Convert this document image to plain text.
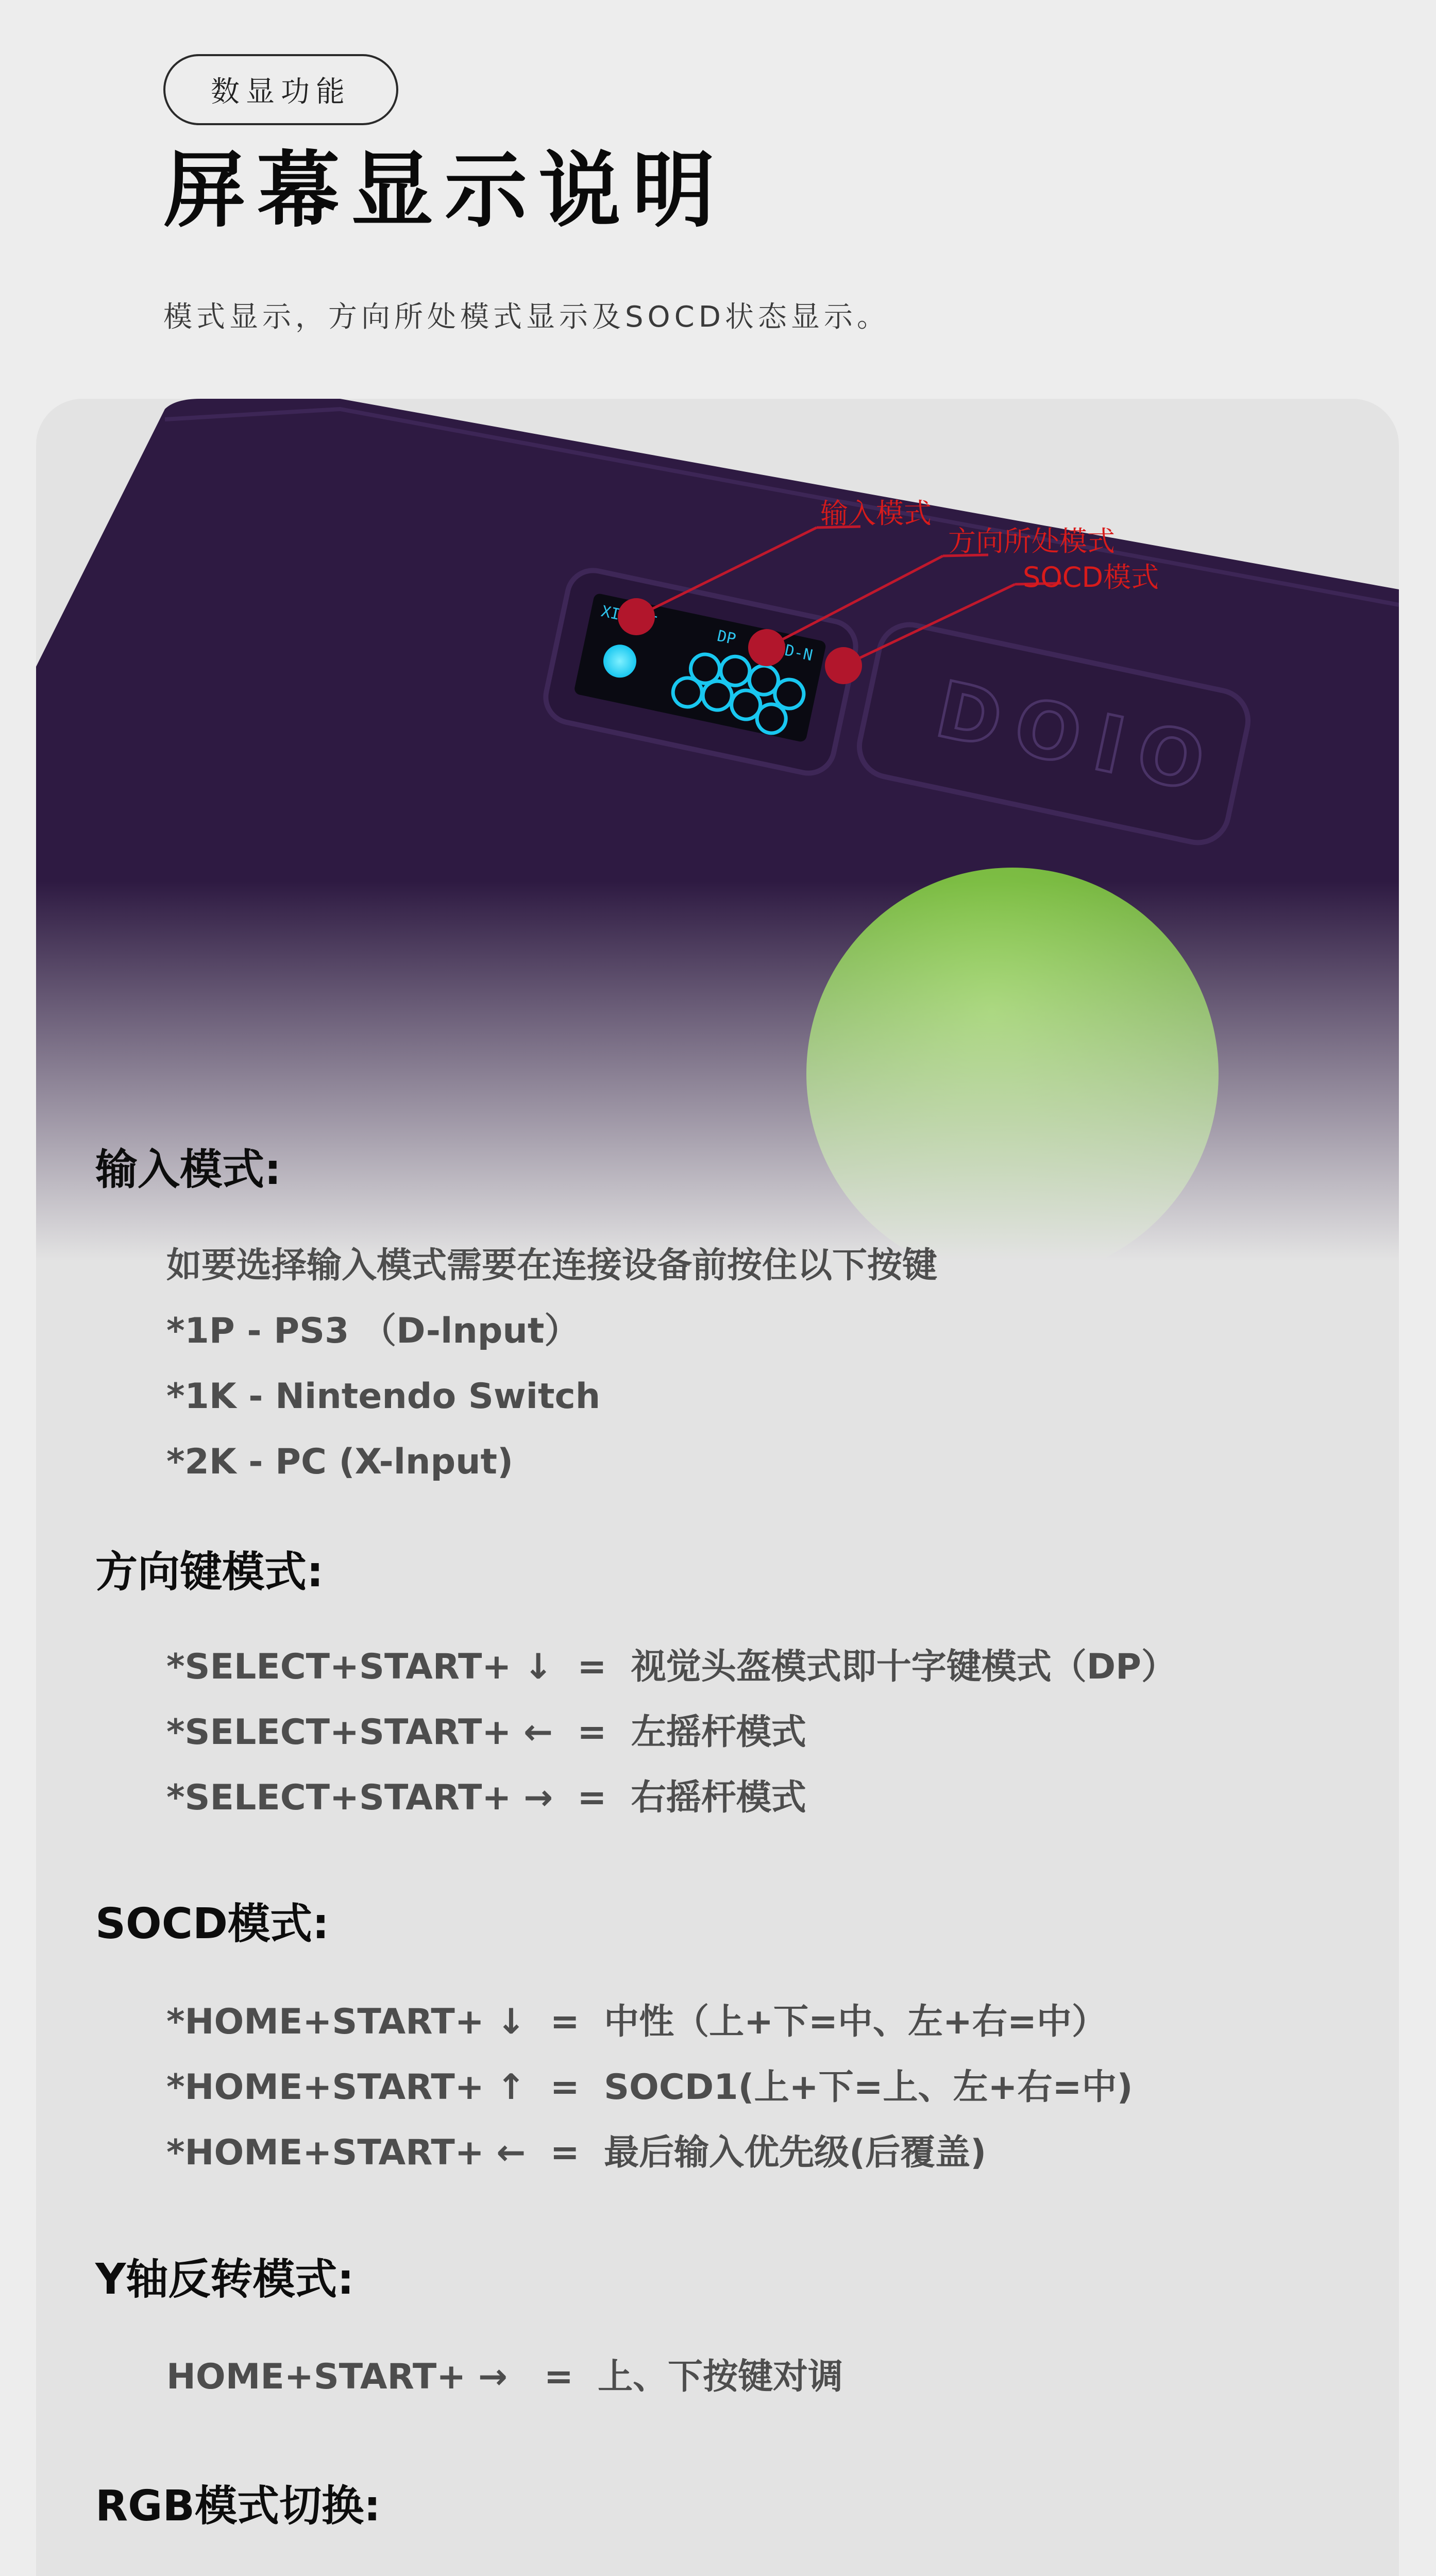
数显功能
屏幕显示说明
模式显示，方向所处模式显示及SOCD状态显示。
输入模式
方向所处模式
SOCD模式
输入模式:
如要选择输入模式需要在连接设备前按住以下按键
*1P - PS3 （D-lnput）
*1K - Nintendo Switch
*2K - PC (X-lnput)
方向键模式:
*SELECT+START+ ↓  =  视觉头盔模式即十字键模式（DP）
*SELECT+START+ ←  =  左摇杆模式
*SELECT+START+ →  =  右摇杆模式
SOCD模式:
*HOME+START+ ↓  =  中性（上+下=中、左+右=中）
*HOME+START+ ↑  =  SOCD1(上+下=上、左+右=中)
*HOME+START+ ←  =  最后输入优先级(后覆盖)
Y轴反转模式:
HOME+START+ →   =  上、下按键对调
RGB模式切换:
